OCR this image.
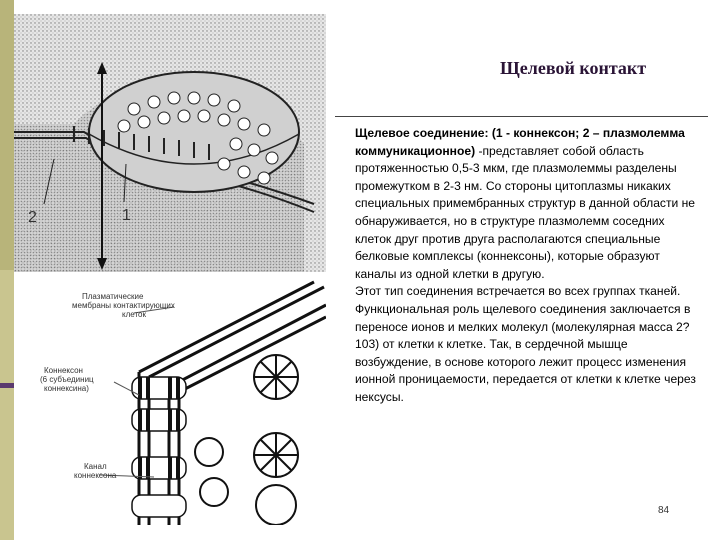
2	1
Плазматические
мембраны контактирующих
клеток
Коннексон
(6 субъединиц
коннексина)
Канал
коннексона
Щелевой контакт

Щелевое соединение: (1 - коннексон; 2 – плазмолемма коммуникационное) -представляет собой область протяженностью 0,5-3 мкм, где плазмолеммы разделены промежутком в 2-3 нм. Со стороны цитоплазмы никаких специальных примембранных структур в данной области не обнаруживается, но в структуре плазмолемм соседних клеток друг против друга располагаются специальные белковые комплексы (коннексоны), которые образуют каналы из одной клетки в другую.

Этот тип соединения встречается во всех группах тканей. Функциональная роль щелевого соединения заключается в переносе ионов и мелких молекул (молекулярная масса 2?103) от клетки к клетке. Так, в сердечной мышце возбуждение, в основе которого лежит процесс изменения ионной проницаемости, передается от клетки к клетке через нексусы.

84
